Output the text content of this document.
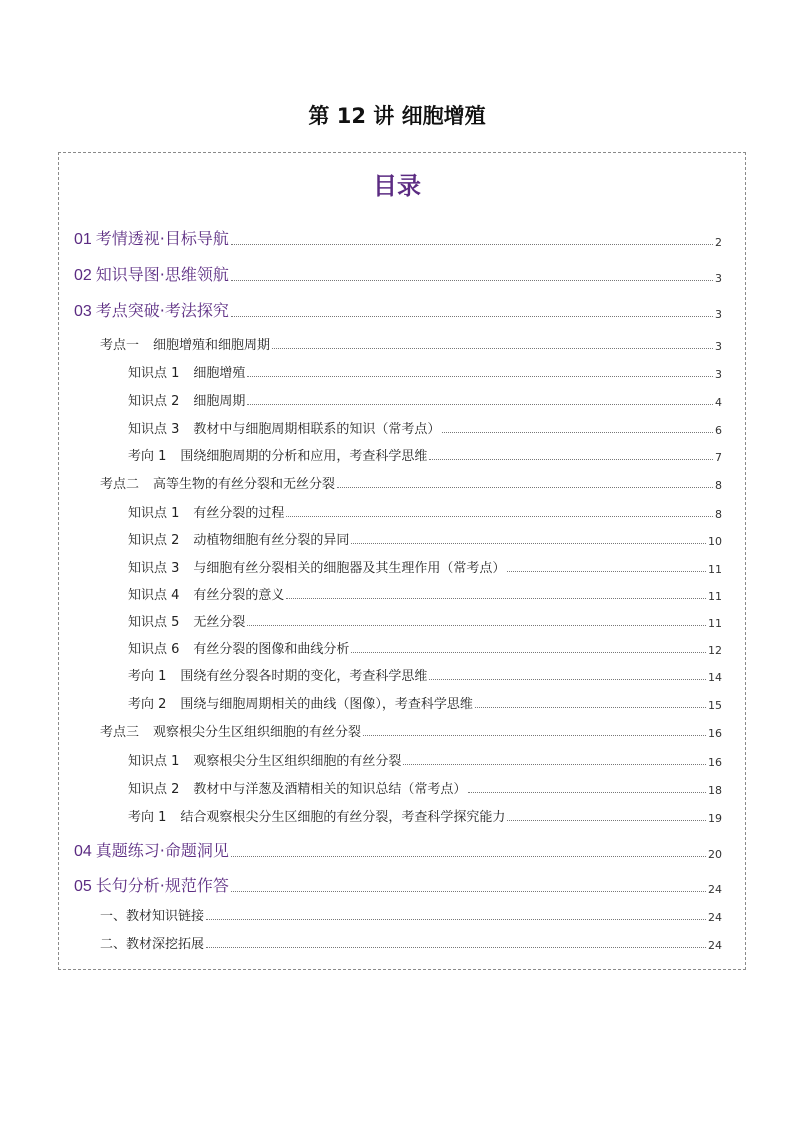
第 12 讲 细胞增殖
目录
01 考情透视·目标导航	2
02 知识导图·思维领航	3
03 考点突破·考法探究	3
考点一 细胞增殖和细胞周期	3
知识点 1 细胞增殖	3
知识点 2 细胞周期	4
知识点 3 教材中与细胞周期相联系的知识（常考点）	6
考向 1 围绕细胞周期的分析和应用，考查科学思维	7
考点二 高等生物的有丝分裂和无丝分裂	8
知识点 1 有丝分裂的过程	8
知识点 2 动植物细胞有丝分裂的异同	10
知识点 3 与细胞有丝分裂相关的细胞器及其生理作用（常考点）	11
知识点 4 有丝分裂的意义	11
知识点 5 无丝分裂	11
知识点 6 有丝分裂的图像和曲线分析	12
考向 1 围绕有丝分裂各时期的变化，考查科学思维	14
考向 2 围绕与细胞周期相关的曲线（图像），考查科学思维	15
考点三 观察根尖分生区组织细胞的有丝分裂	16
知识点 1 观察根尖分生区组织细胞的有丝分裂	16
知识点 2 教材中与洋葱及酒精相关的知识总结（常考点）	18
考向 1 结合观察根尖分生区细胞的有丝分裂，考查科学探究能力	19
04 真题练习·命题洞见	20
05 长句分析·规范作答	24
一、教材知识链接	24
二、教材深挖拓展	24
